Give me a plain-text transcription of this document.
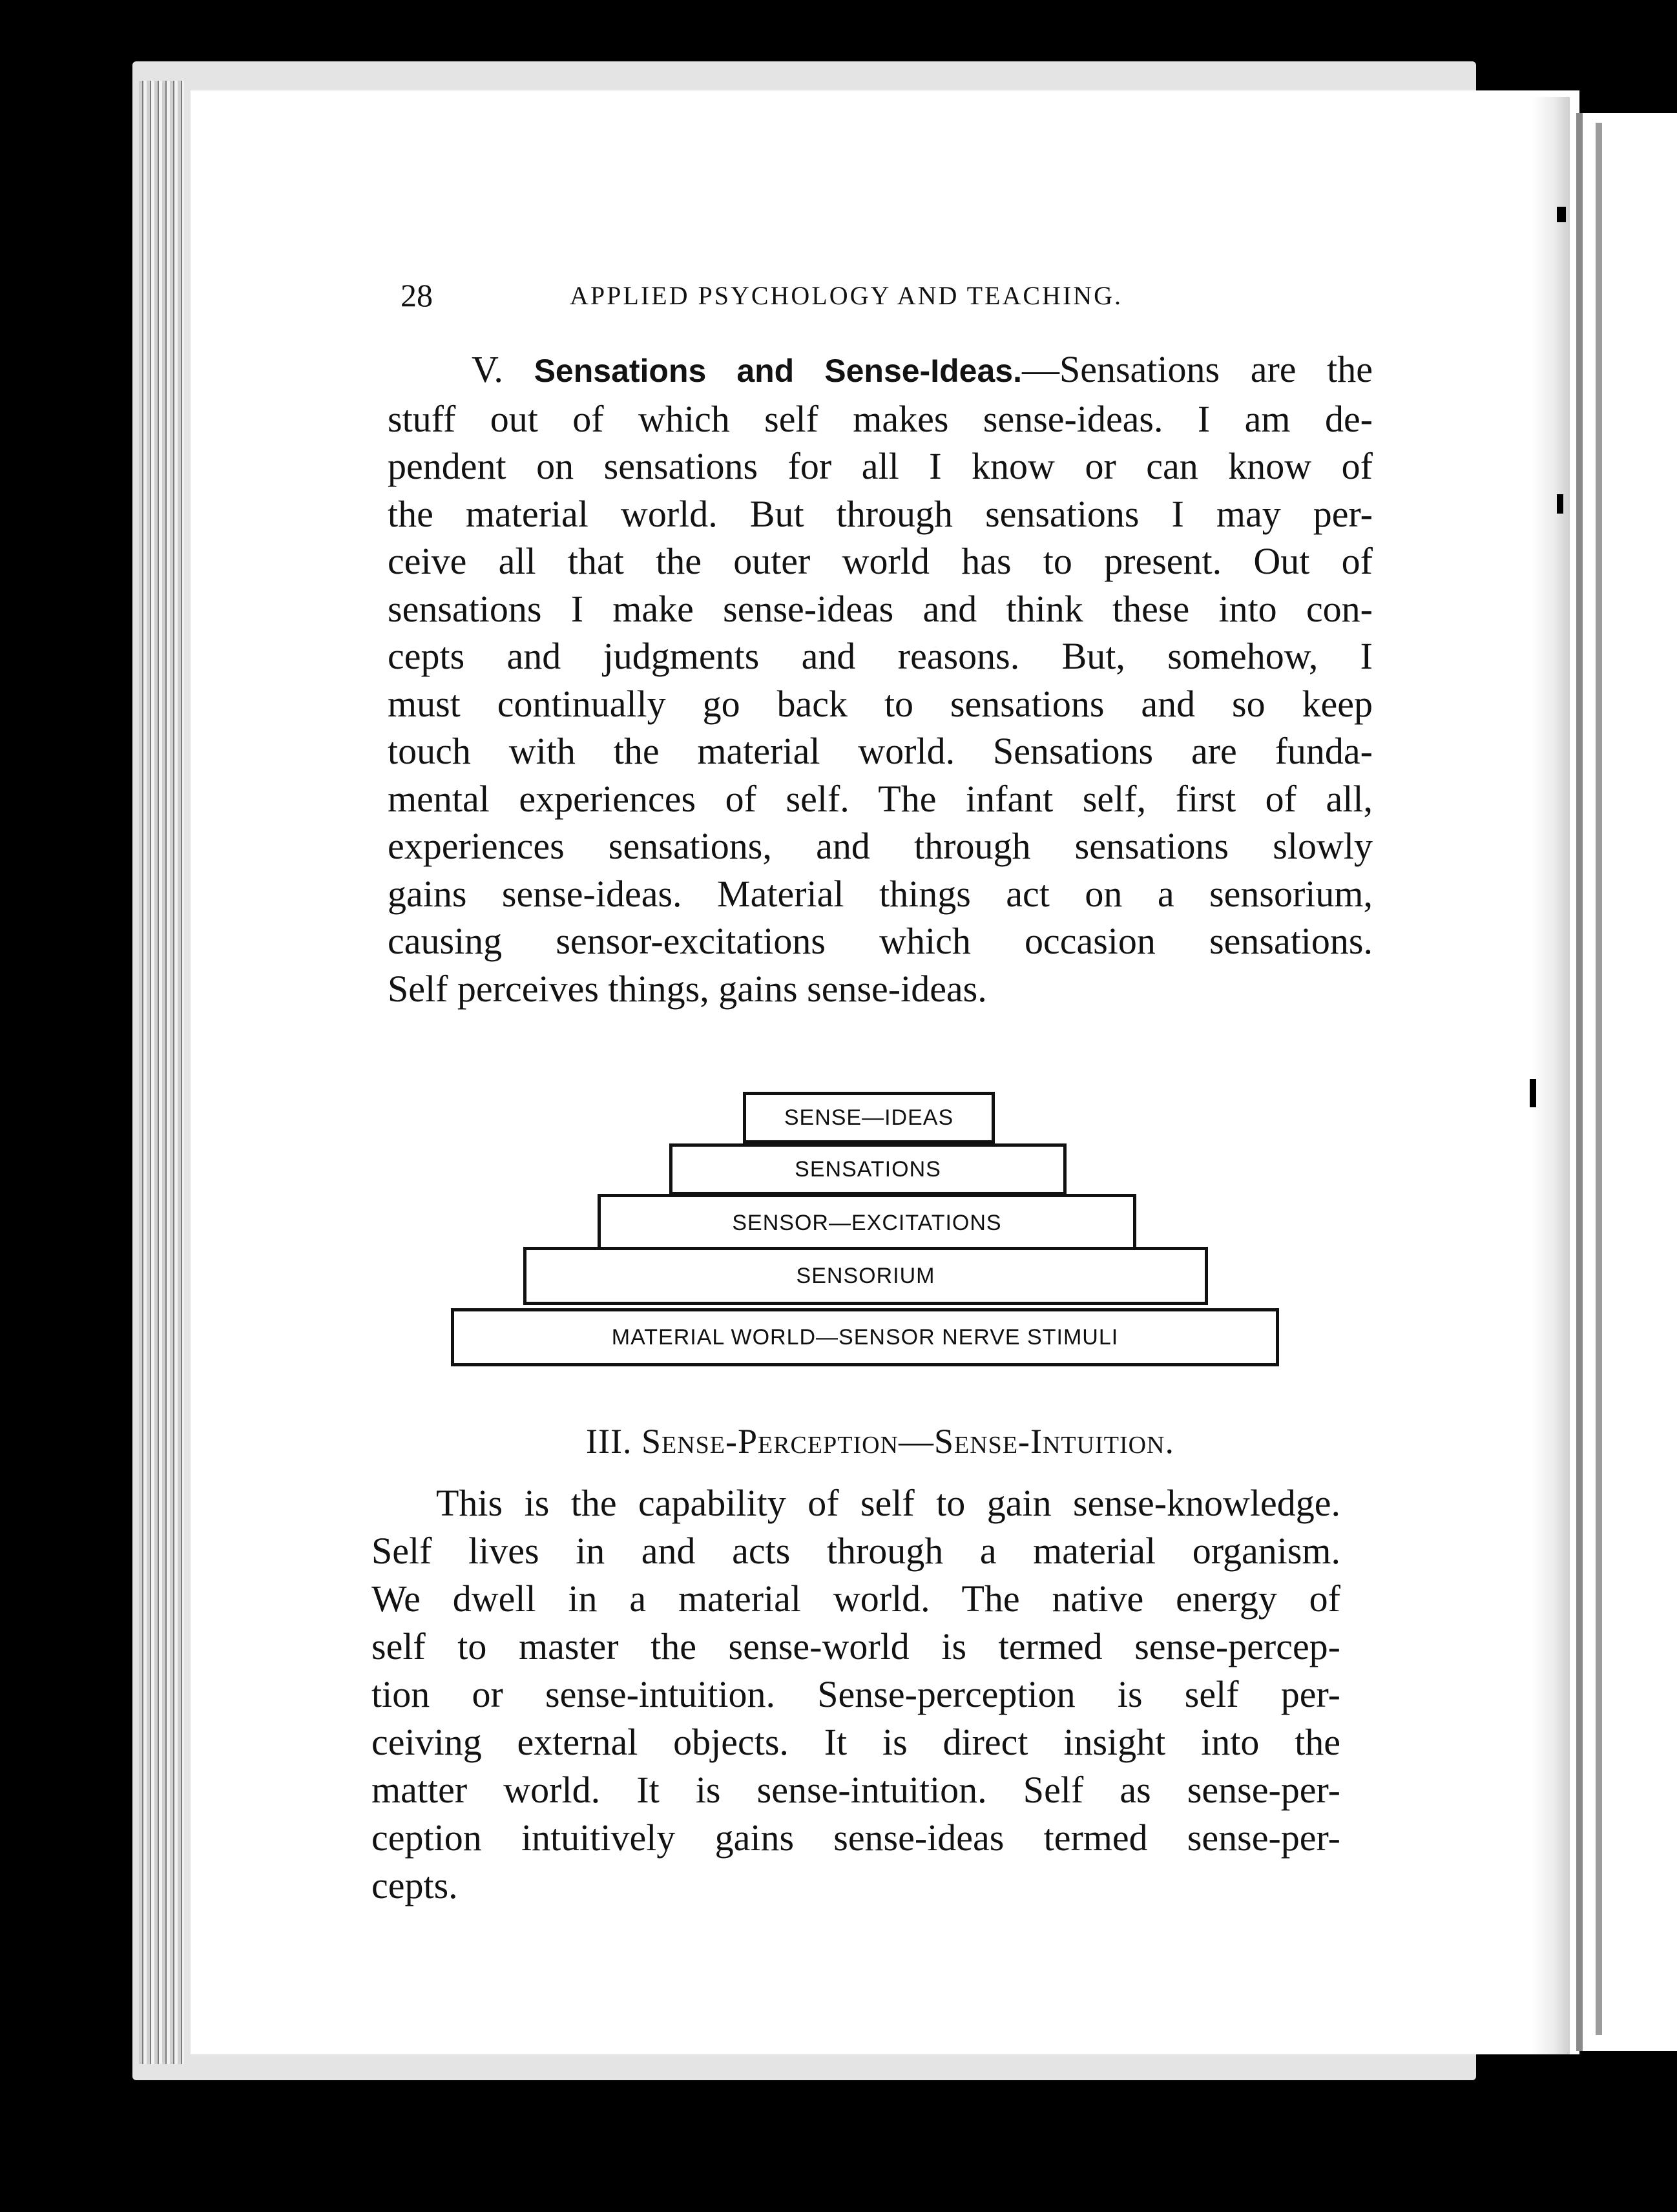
28	APPLIED PSYCHOLOGY AND TEACHING.
V. Sensations and Sense-Ideas.—Sensations are the
stuff out of which self makes sense-ideas. I am de-
pendent on sensations for all I know or can know of
the material world. But through sensations I may per-
ceive all that the outer world has to present. Out of
sensations I make sense-ideas and think these into con-
cepts and judgments and reasons. But, somehow, I
must continually go back to sensations and so keep
touch with the material world. Sensations are funda-
mental experiences of self. The infant self, first of all,
experiences sensations, and through sensations slowly
gains sense-ideas. Material things act on a sensorium,
causing sensor-excitations which occasion sensations.
Self perceives things, gains sense-ideas.
SENSE—IDEAS
SENSATIONS
SENSOR—EXCITATIONS
SENSORIUM
MATERIAL WORLD—SENSOR NERVE STIMULI
III. Sense-Perception—Sense-Intuition.
This is the capability of self to gain sense-knowledge.
Self lives in and acts through a material organism.
We dwell in a material world. The native energy of
self to master the sense-world is termed sense-percep-
tion or sense-intuition. Sense-perception is self per-
ceiving external objects. It is direct insight into the
matter world. It is sense-intuition. Self as sense-per-
ception intuitively gains sense-ideas termed sense-per-
cepts.
